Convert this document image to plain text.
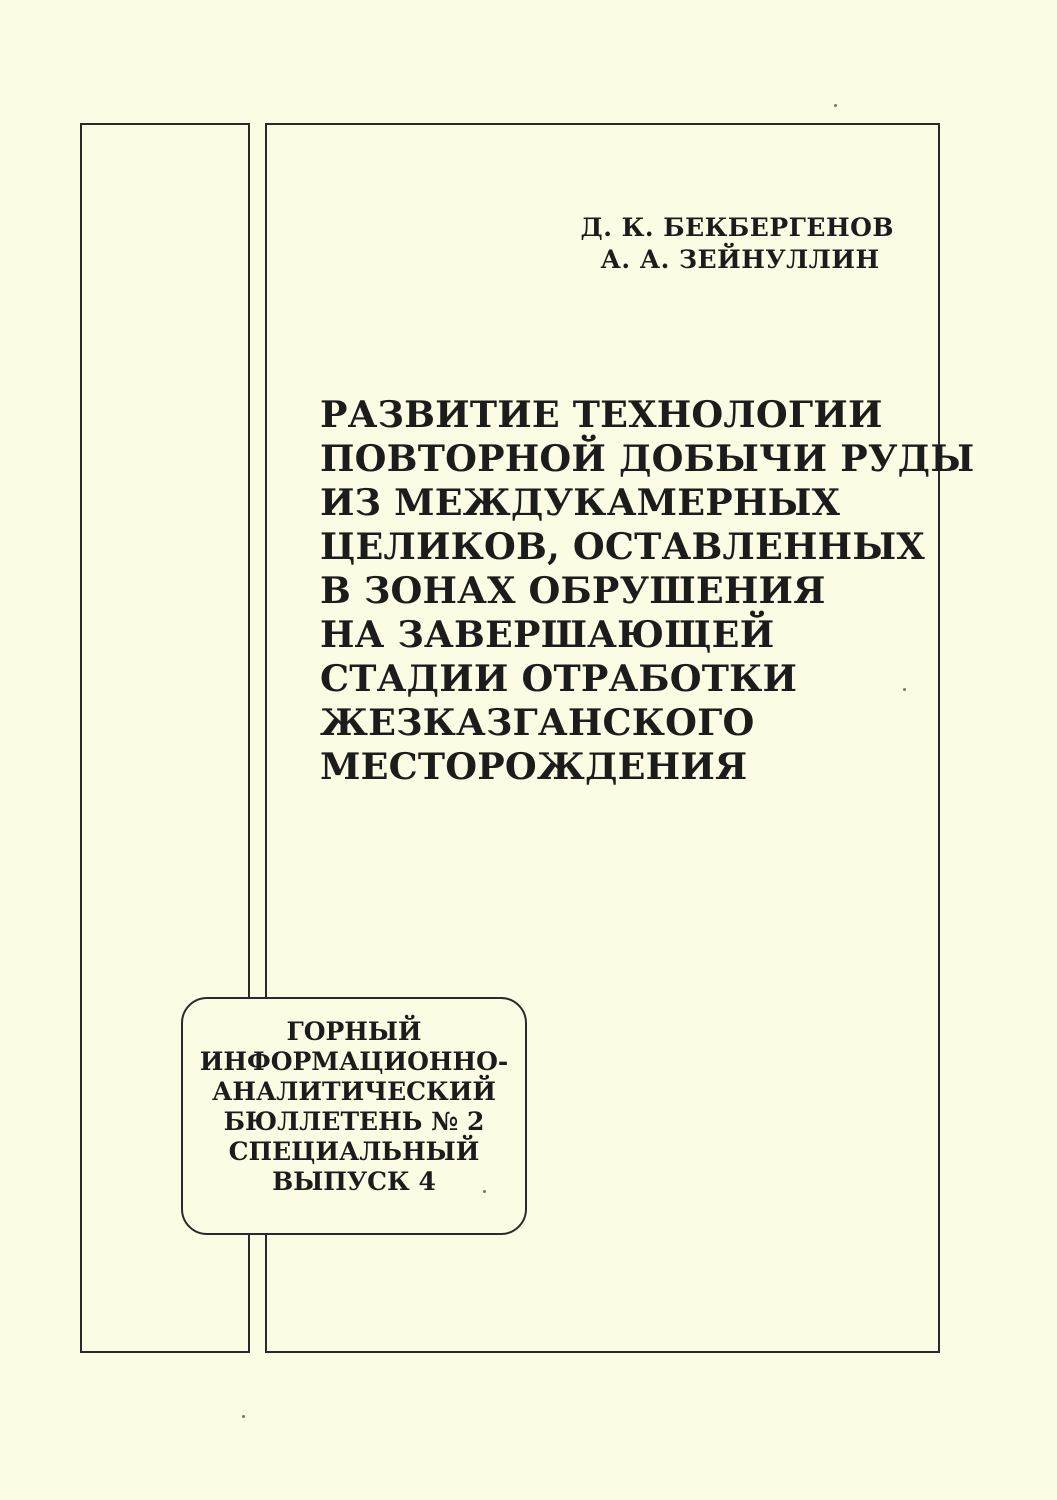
Д. К. БЕКБЕРГЕНОВ
А. А. ЗЕЙНУЛЛИН
РАЗВИТИЕ ТЕХНОЛОГИИ
ПОВТОРНОЙ ДОБЫЧИ РУДЫ
ИЗ МЕЖДУКАМЕРНЫХ
ЦЕЛИКОВ, ОСТАВЛЕННЫХ
В ЗОНАХ ОБРУШЕНИЯ
НА ЗАВЕРШАЮЩЕЙ
СТАДИИ ОТРАБОТКИ
ЖЕЗКАЗГАНСКОГО
МЕСТОРОЖДЕНИЯ
ГОРНЫЙ
ИНФОРМАЦИОННО-
АНАЛИТИЧЕСКИЙ
БЮЛЛЕТЕНЬ № 2
СПЕЦИАЛЬНЫЙ
ВЫПУСК 4
